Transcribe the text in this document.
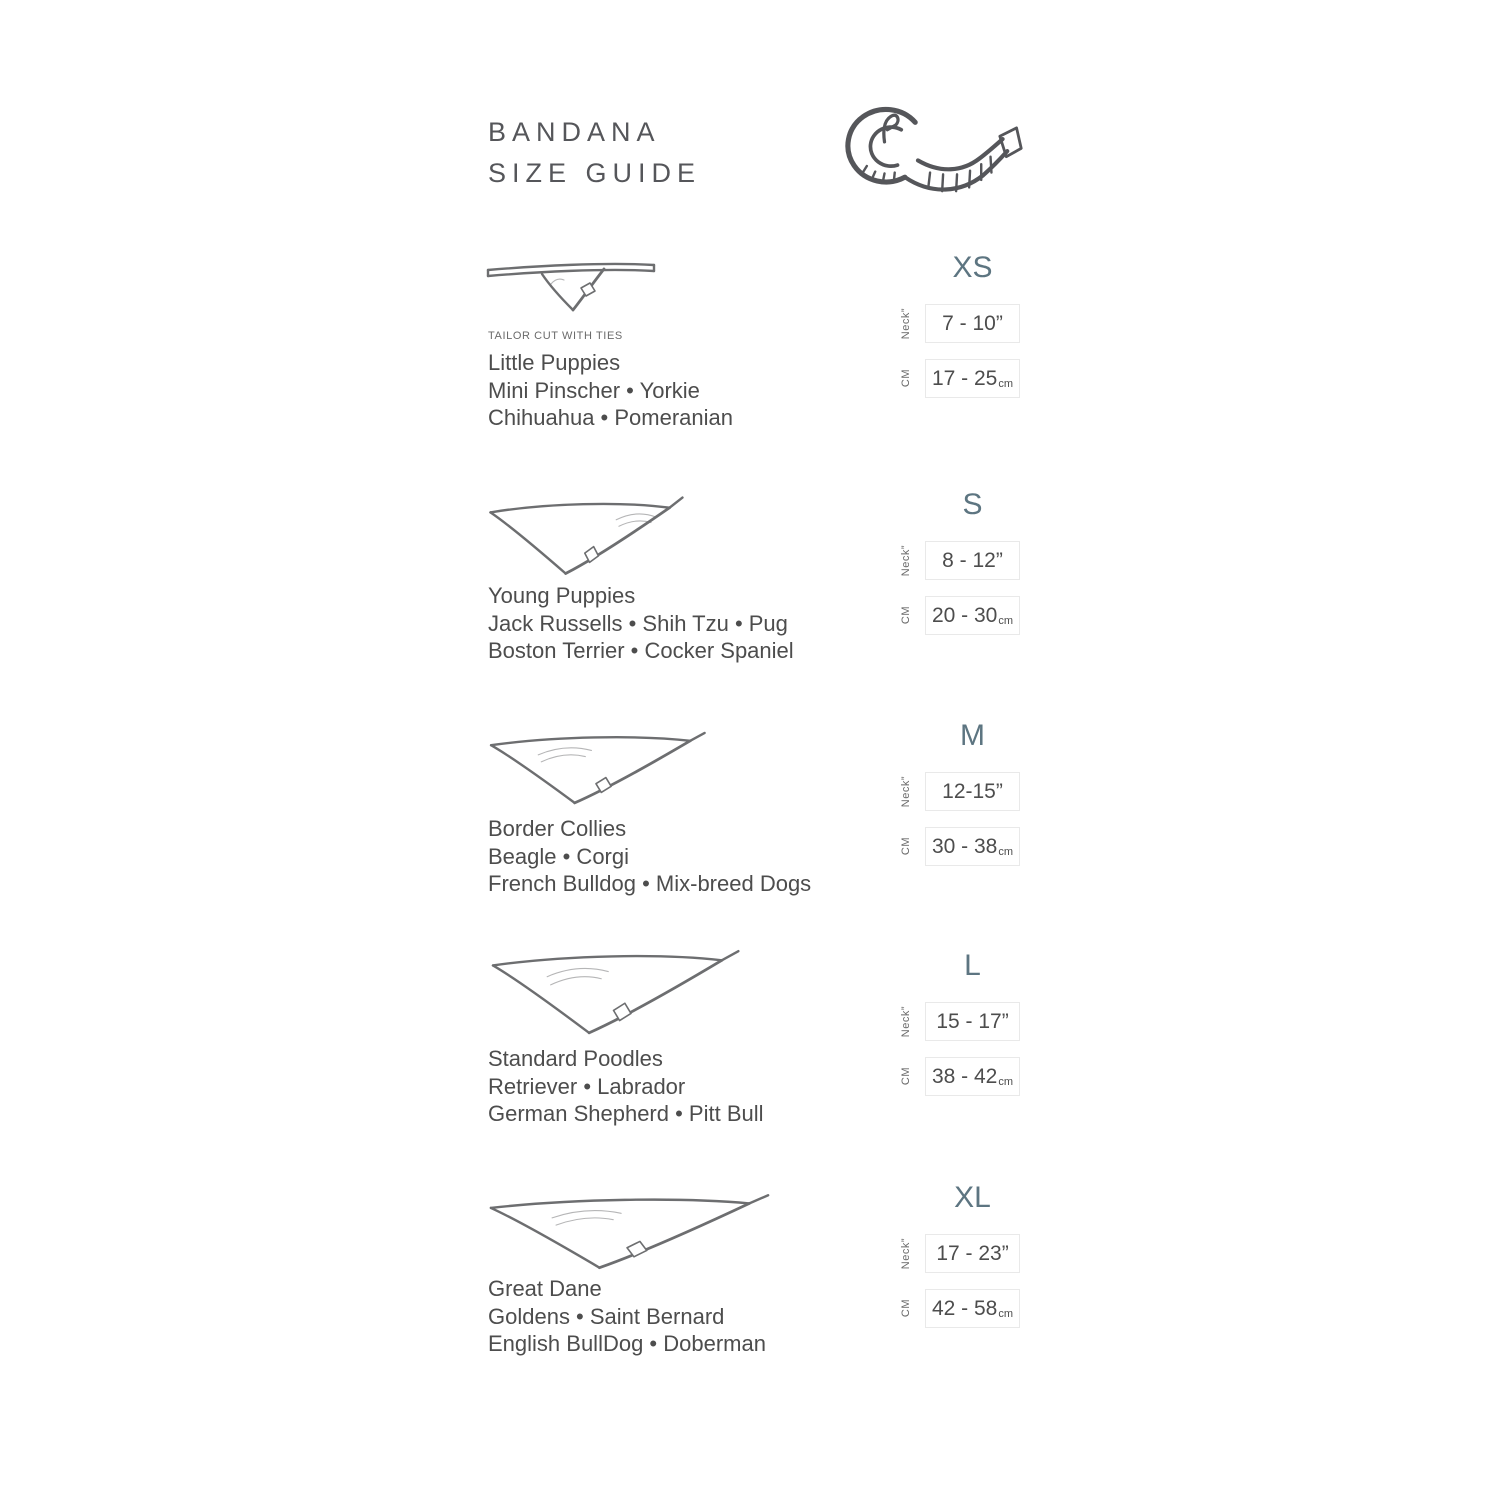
BANDANA
SIZE GUIDE
TAILOR CUT WITH TIES
Little Puppies
Mini Pinscher • Yorkie
Chihuahua • Pomeranian
XS
Neck”	7 - 10”
CM 17 - 25 cm
Young Puppies
Jack Russells • Shih Tzu • Pug
Boston Terrier • Cocker Spaniel
S
Neck”	8 - 12”
CM 20 - 30 cm
Border Collies
Beagle • Corgi
French Bulldog • Mix-breed Dogs
M
Neck”	12-15”
CM 30 - 38 cm
Standard Poodles
Retriever • Labrador
German Shepherd • Pitt Bull
L
Neck”	15 - 17”
CM 38 - 42 cm
Great Dane
Goldens • Saint Bernard
English BullDog • Doberman
XL
Neck”	17 - 23”
CM 42 - 58 cm
